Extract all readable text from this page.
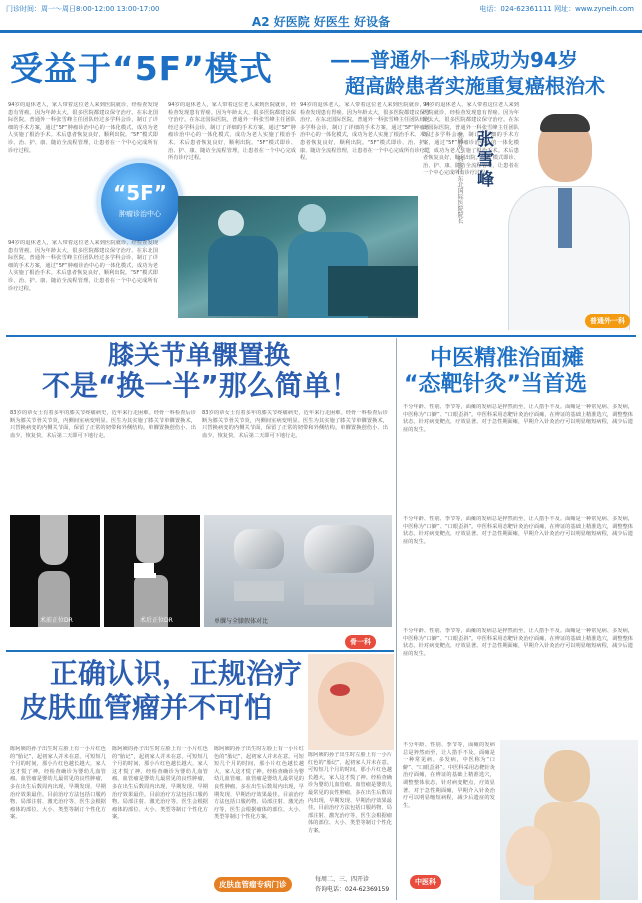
门诊时间：周一～周日8:00-12:00 13:00-17:00	电话：024-62361111 网址：www.zyneih.com
A2 好医院 好医生 好设备
受益于“5F”模式	——普通外一科成功为94岁
超高龄患者实施重复癌根治术
94岁的退休老人，家人带着这位老人来到医院就诊，经检查发现患有胃癌。因为年龄太大，很多医院都建议保守治疗。在东北国际医院，普通外一科张雪峰主任团队经过多学科会诊，制订了详细的手术方案，通过“5F”肿瘤诊治中心的一体化模式，成功为老人实施了根治手术。术后患者恢复良好，顺利出院。“5F”模式即诊、治、护、康、随访全流程管理，让患者在一个中心完成所有诊疗过程。
“5F”
肿瘤诊治中心
94岁的退休老人，家人带着这位老人来到医院就诊，经检查发现患有胃癌。因为年龄太大，很多医院都建议保守治疗。在东北国际医院，普通外一科张雪峰主任团队经过多学科会诊，制订了详细的手术方案，通过“5F”肿瘤诊治中心的一体化模式，成功为老人实施了根治手术。术后患者恢复良好，顺利出院。“5F”模式即诊、治、护、康、随访全流程管理，让患者在一个中心完成所有诊疗过程。
94岁的退休老人，家人带着这位老人来到医院就诊，经检查发现患有胃癌。因为年龄太大，很多医院都建议保守治疗。在东北国际医院，普通外一科张雪峰主任团队经过多学科会诊，制订了详细的手术方案，通过“5F”肿瘤诊治中心的一体化模式，成功为老人实施了根治手术。术后患者恢复良好，顺利出院。“5F”模式即诊、治、护、康、随访全流程管理，让患者在一个中心完成所有诊疗过程。
94岁的退休老人，家人带着这位老人来到医院就诊，经检查发现患有胃癌。因为年龄太大，很多医院都建议保守治疗。在东北国际医院，普通外一科张雪峰主任团队经过多学科会诊，制订了详细的手术方案，通过“5F”肿瘤诊治中心的一体化模式，成功为老人实施了根治手术。术后患者恢复良好，顺利出院。“5F”模式即诊、治、护、康、随访全流程管理，让患者在一个中心完成所有诊疗过程。
94岁的退休老人，家人带着这位老人来到医院就诊，经检查发现患有胃癌。因为年龄太大，很多医院都建议保守治疗。在东北国际医院，普通外一科张雪峰主任团队经过多学科会诊，制订了详细的手术方案，通过“5F”肿瘤诊治中心的一体化模式，成功为老人实施了根治手术。术后患者恢复良好，顺利出院。“5F”模式即诊、治、护、康、随访全流程管理，让患者在一个中心完成所有诊疗过程。
张雪峰
普通外一科主任 东北国际医院院长
普通外一科
膝关节单髁置换
不是“换一半”那么简单！
83岁的章女士有着多年的膝关节疼痛病史，近年来行走困难。经骨一科检查后诊断为膝关节骨关节炎，内侧间室病变明显。医生为其实施了膝关节单髁置换术，只替换病变的内侧关节面，保留了正常的韧带和外侧结构。单髁置换创伤小、出血少、恢复快，术后第二天即可下地行走。
83岁的章女士有着多年的膝关节疼痛病史，近年来行走困难。经骨一科检查后诊断为膝关节骨关节炎，内侧间室病变明显。医生为其实施了膝关节单髁置换术，只替换病变的内侧关节面，保留了正常的韧带和外侧结构。单髁置换创伤小、出血少、恢复快，术后第二天即可下地行走。
术前正位DR	术后正位DR	单髁与全膝假体对比
骨一科
中医精准治面瘫
“态靶针灸”当首选
不分年龄、性别、季节等，面瘫的发病总是猝然而至，让人措手不及。面瘫是一种常见病、多发病，中医称为“口僻”、“口眼歪斜”。中医科采用态靶针灸治疗面瘫，在辨证的基础上精准选穴，调整整体状态，针对病变靶点，疗效显著。对于急性期面瘫，早期介入针灸治疗可以明显缩短病程，减少后遗症的发生。
不分年龄、性别、季节等，面瘫的发病总是猝然而至，让人措手不及。面瘫是一种常见病、多发病，中医称为“口僻”、“口眼歪斜”。中医科采用态靶针灸治疗面瘫，在辨证的基础上精准选穴，调整整体状态，针对病变靶点，疗效显著。对于急性期面瘫，早期介入针灸治疗可以明显缩短病程，减少后遗症的发生。
不分年龄、性别、季节等，面瘫的发病总是猝然而至，让人措手不及。面瘫是一种常见病、多发病，中医称为“口僻”、“口眼歪斜”。中医科采用态靶针灸治疗面瘫，在辨证的基础上精准选穴，调整整体状态，针对病变靶点，疗效显著。对于急性期面瘫，早期介入针灸治疗可以明显缩短病程，减少后遗症的发生。
不分年龄、性别、季节等，面瘫的发病总是猝然而至，让人措手不及。面瘫是一种常见病、多发病，中医称为“口僻”、“口眼歪斜”。中医科采用态靶针灸治疗面瘫，在辨证的基础上精准选穴，调整整体状态，针对病变靶点，疗效显著。对于急性期面瘫，早期介入针灸治疗可以明显缩短病程，减少后遗症的发生。
中医科
正确认识，正规治疗
皮肤血管瘤并不可怕
陈阿姨的孙子出生时左脸上有一小片红色的“胎记”，起初家人并未在意。可短短几个月的时间，那小片红色越长越大，家人这才慌了神。经检查确诊为婴幼儿血管瘤。血管瘤是婴幼儿最常见的良性肿瘤，多在出生后数周内出现，早期发现、早期治疗效果最佳。目前治疗方法包括口服药物、局部注射、激光治疗等，医生会根据瘤体的部位、大小、类型等制订个性化方案。
陈阿姨的孙子出生时左脸上有一小片红色的“胎记”，起初家人并未在意。可短短几个月的时间，那小片红色越长越大，家人这才慌了神。经检查确诊为婴幼儿血管瘤。血管瘤是婴幼儿最常见的良性肿瘤，多在出生后数周内出现，早期发现、早期治疗效果最佳。目前治疗方法包括口服药物、局部注射、激光治疗等，医生会根据瘤体的部位、大小、类型等制订个性化方案。
陈阿姨的孙子出生时左脸上有一小片红色的“胎记”，起初家人并未在意。可短短几个月的时间，那小片红色越长越大，家人这才慌了神。经检查确诊为婴幼儿血管瘤。血管瘤是婴幼儿最常见的良性肿瘤，多在出生后数周内出现，早期发现、早期治疗效果最佳。目前治疗方法包括口服药物、局部注射、激光治疗等，医生会根据瘤体的部位、大小、类型等制订个性化方案。
陈阿姨的孙子出生时左脸上有一小片红色的“胎记”，起初家人并未在意。可短短几个月的时间，那小片红色越长越大，家人这才慌了神。经检查确诊为婴幼儿血管瘤。血管瘤是婴幼儿最常见的良性肿瘤，多在出生后数周内出现，早期发现、早期治疗效果最佳。目前治疗方法包括口服药物、局部注射、激光治疗等，医生会根据瘤体的部位、大小、类型等制订个性化方案。
皮肤血管瘤专病门诊
每周二、三、四开诊
咨询电话：024-62369159
